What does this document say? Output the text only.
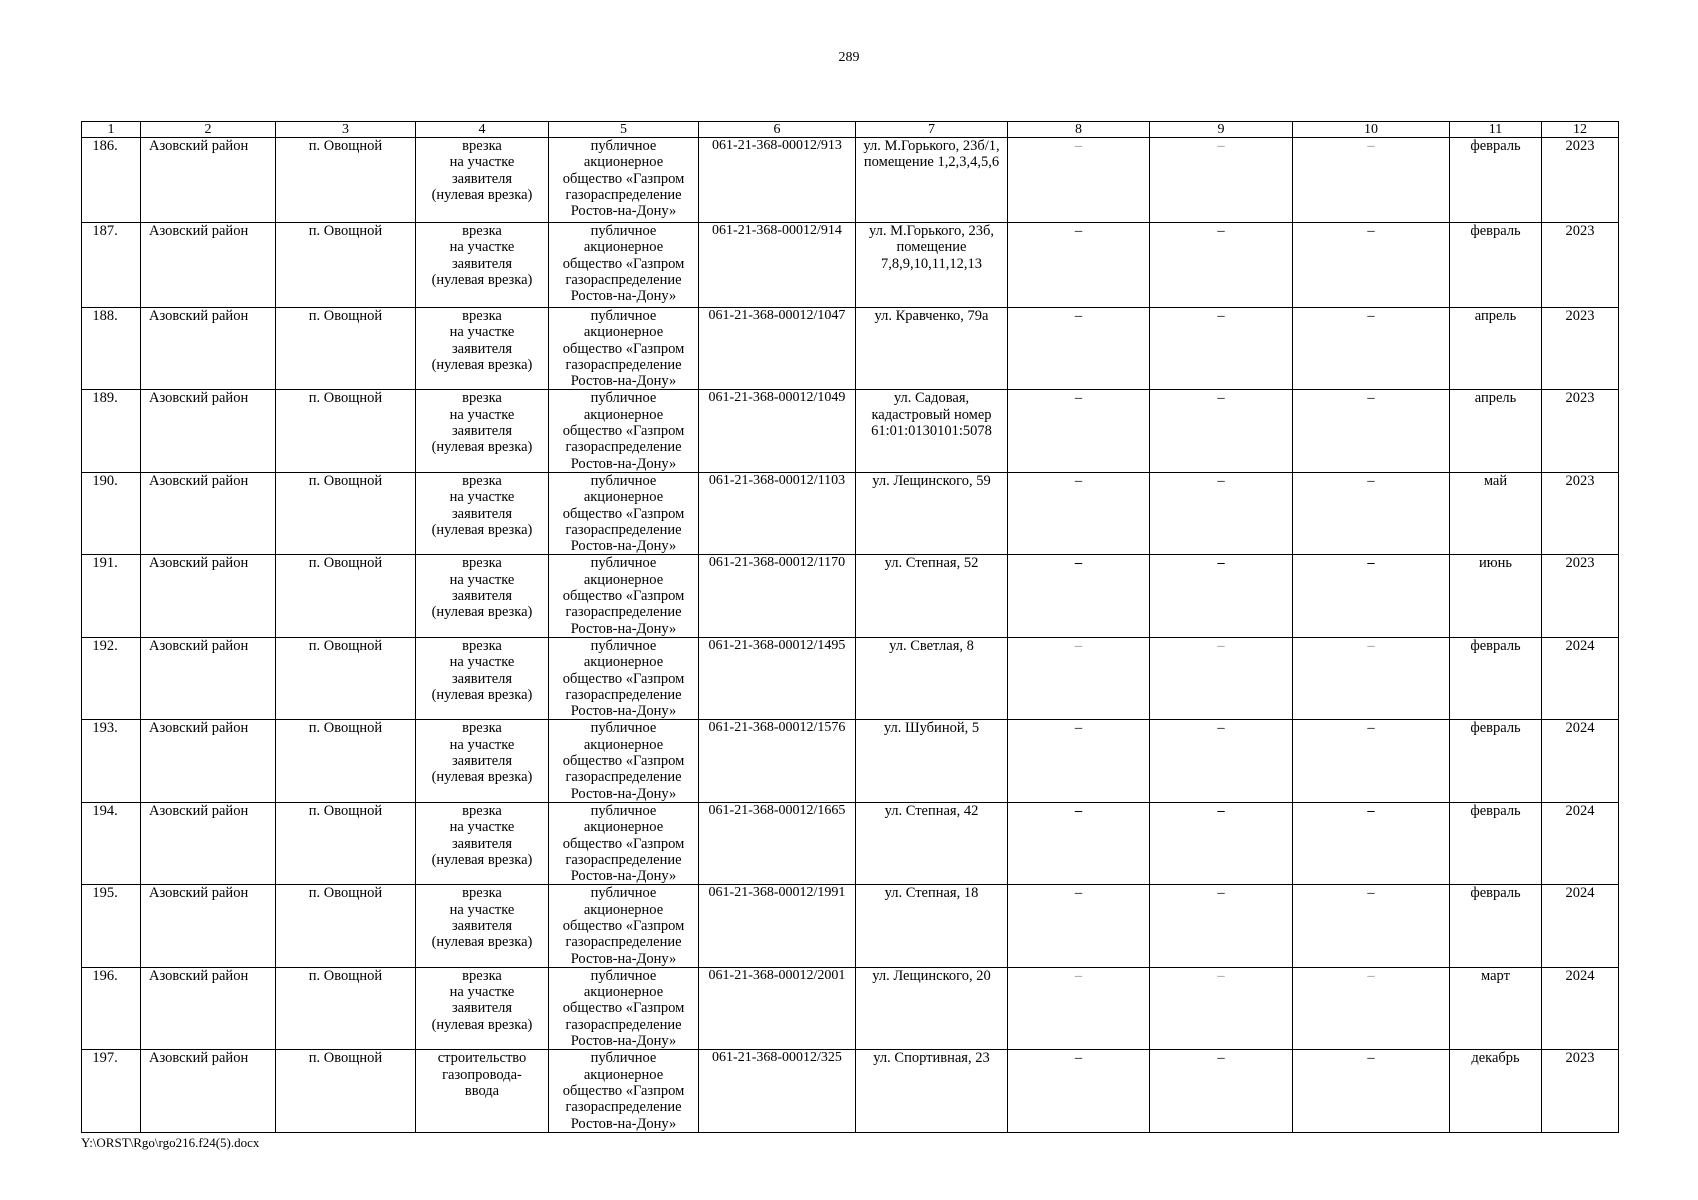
289
1	2	3	4	5	6	7	8	9	10	11	12
186.	Азовский район	п. Овощной	врезка
на участке
заявителя
(нулевая врезка)	публичное
акционерное
общество «Газпром
газораспределение
Ростов-на-Дону»	061-21-368-00012/913	ул. М.Горького, 23б/1,
помещение 1,2,3,4,5,6	–	–	–	февраль	2023
187.	Азовский район	п. Овощной	врезка
на участке
заявителя
(нулевая врезка)	публичное
акционерное
общество «Газпром
газораспределение
Ростов-на-Дону»	061-21-368-00012/914	ул. М.Горького, 23б,
помещение
7,8,9,10,11,12,13	–	–	–	февраль	2023
188.	Азовский район	п. Овощной	врезка
на участке
заявителя
(нулевая врезка)	публичное
акционерное
общество «Газпром
газораспределение
Ростов-на-Дону»	061-21-368-00012/1047	ул. Кравченко, 79а	–	–	–	апрель	2023
189.	Азовский район	п. Овощной	врезка
на участке
заявителя
(нулевая врезка)	публичное
акционерное
общество «Газпром
газораспределение
Ростов-на-Дону»	061-21-368-00012/1049	ул. Садовая,
кадастровый номер
61:01:0130101:5078	–	–	–	апрель	2023
190.	Азовский район	п. Овощной	врезка
на участке
заявителя
(нулевая врезка)	публичное
акционерное
общество «Газпром
газораспределение
Ростов-на-Дону»	061-21-368-00012/1103	ул. Лещинского, 59	–	–	–	май	2023
191.	Азовский район	п. Овощной	врезка
на участке
заявителя
(нулевая врезка)	публичное
акционерное
общество «Газпром
газораспределение
Ростов-на-Дону»	061-21-368-00012/1170	ул. Степная, 52	–	–	–	июнь	2023
192.	Азовский район	п. Овощной	врезка
на участке
заявителя
(нулевая врезка)	публичное
акционерное
общество «Газпром
газораспределение
Ростов-на-Дону»	061-21-368-00012/1495	ул. Светлая, 8	–	–	–	февраль	2024
193.	Азовский район	п. Овощной	врезка
на участке
заявителя
(нулевая врезка)	публичное
акционерное
общество «Газпром
газораспределение
Ростов-на-Дону»	061-21-368-00012/1576	ул. Шубиной, 5	–	–	–	февраль	2024
194.	Азовский район	п. Овощной	врезка
на участке
заявителя
(нулевая врезка)	публичное
акционерное
общество «Газпром
газораспределение
Ростов-на-Дону»	061-21-368-00012/1665	ул. Степная, 42	–	–	–	февраль	2024
195.	Азовский район	п. Овощной	врезка
на участке
заявителя
(нулевая врезка)	публичное
акционерное
общество «Газпром
газораспределение
Ростов-на-Дону»	061-21-368-00012/1991	ул. Степная, 18	–	–	–	февраль	2024
196.	Азовский район	п. Овощной	врезка
на участке
заявителя
(нулевая врезка)	публичное
акционерное
общество «Газпром
газораспределение
Ростов-на-Дону»	061-21-368-00012/2001	ул. Лещинского, 20	–	–	–	март	2024
197.	Азовский район	п. Овощной	строительство
газопровода-
ввода	публичное
акционерное
общество «Газпром
газораспределение
Ростов-на-Дону»	061-21-368-00012/325	ул. Спортивная, 23	–	–	–	декабрь	2023
Y:\ORST\Rgo\rgo216.f24(5).docx
